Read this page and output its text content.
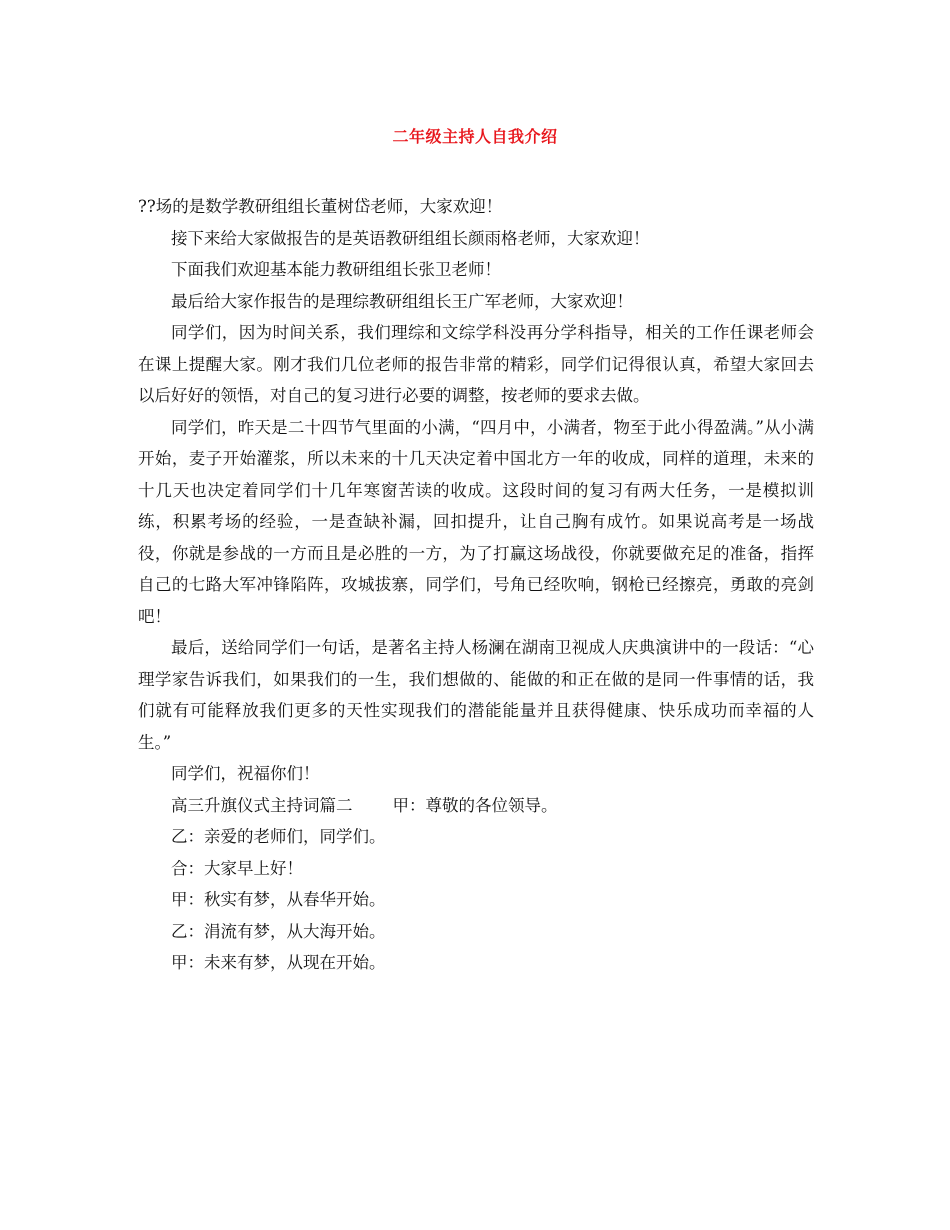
二年级主持人自我介绍

??场的是数学教研组组长董树岱老师，大家欢迎！

接下来给大家做报告的是英语教研组组长颜雨格老师，大家欢迎！

下面我们欢迎基本能力教研组组长张卫老师！

最后给大家作报告的是理综教研组组长王广军老师，大家欢迎！

同学们，因为时间关系，我们理综和文综学科没再分学科指导，相关的工作任课老师会在课上提醒大家。刚才我们几位老师的报告非常的精彩，同学们记得很认真，希望大家回去以后好好的领悟，对自己的复习进行必要的调整，按老师的要求去做。

同学们，昨天是二十四节气里面的小满，“四月中，小满者，物至于此小得盈满。”从小满开始，麦子开始灌浆，所以未来的十几天决定着中国北方一年的收成，同样的道理，未来的十几天也决定着同学们十几年寒窗苦读的收成。这段时间的复习有两大任务，一是模拟训练，积累考场的经验，一是查缺补漏，回扣提升，让自己胸有成竹。如果说高考是一场战役，你就是参战的一方而且是必胜的一方，为了打赢这场战役，你就要做充足的准备，指挥自己的七路大军冲锋陷阵，攻城拔寨，同学们，号角已经吹响，钢枪已经擦亮，勇敢的亮剑吧！

最后，送给同学们一句话，是著名主持人杨澜在湖南卫视成人庆典演讲中的一段话：“心理学家告诉我们，如果我们的一生，我们想做的、能做的和正在做的是同一件事情的话，我们就有可能释放我们更多的天性实现我们的潜能能量并且获得健康、快乐成功而幸福的人生。”

同学们，祝福你们！

高三升旗仪式主持词篇二 甲：尊敬的各位领导。

乙：亲爱的老师们，同学们。

合：大家早上好！

甲：秋实有梦，从春华开始。

乙：涓流有梦，从大海开始。

甲：未来有梦，从现在开始。
